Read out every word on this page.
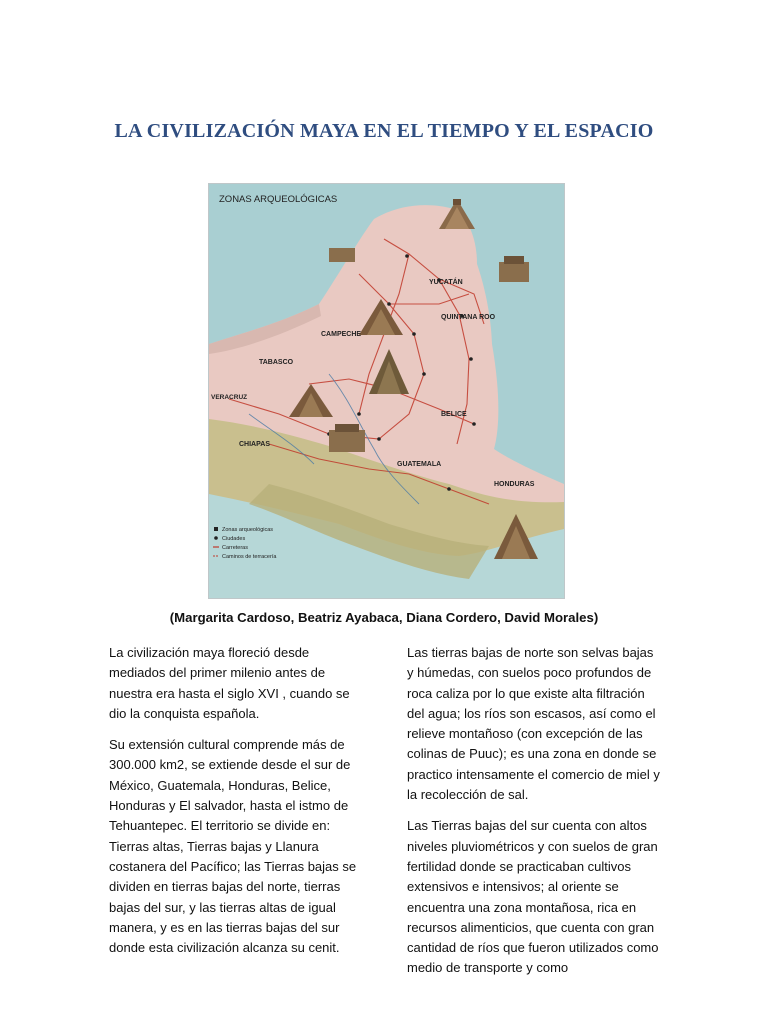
LA CIVILIZACIÓN MAYA EN EL TIEMPO Y EL ESPACIO
ZONAS ARQUEOLÓGICAS
YUCATÁN
QUINTANA ROO
CAMPECHE
TABASCO
VERACRUZ
CHIAPAS
BELICE
GUATEMALA
HONDURAS
Zonas arqueológicas
Ciudades
Carreteras
Caminos de terracería
(Margarita Cardoso, Beatriz Ayabaca, Diana Cordero, David Morales)

La civilización maya floreció desde mediados del primer milenio antes de nuestra era hasta el siglo XVI , cuando se dio la conquista española.

Su extensión cultural comprende más de 300.000 km2, se extiende desde el sur de México, Guatemala, Honduras, Belice, Honduras y El salvador, hasta el istmo de Tehuantepec. El territorio se divide en: Tierras altas, Tierras bajas y Llanura costanera del Pacífico; las Tierras bajas se dividen en tierras bajas del norte, tierras bajas del sur, y las tierras altas de igual manera, y es en las tierras bajas del sur donde esta civilización alcanza su cenit.

Las tierras bajas de norte son selvas bajas y húmedas, con suelos poco profundos de roca caliza por lo que existe alta filtración del agua; los ríos son escasos, así como el relieve montañoso (con excepción de las colinas de Puuc); es una zona en donde se practico intensamente el comercio de miel y la recolección de sal.

Las Tierras bajas del sur cuenta con altos niveles pluviométricos y con suelos de gran fertilidad donde se practicaban cultivos extensivos e intensivos; al oriente se encuentra una zona montañosa, rica en recursos alimenticios, que cuenta con gran cantidad de ríos que fueron utilizados como medio de transporte y como
